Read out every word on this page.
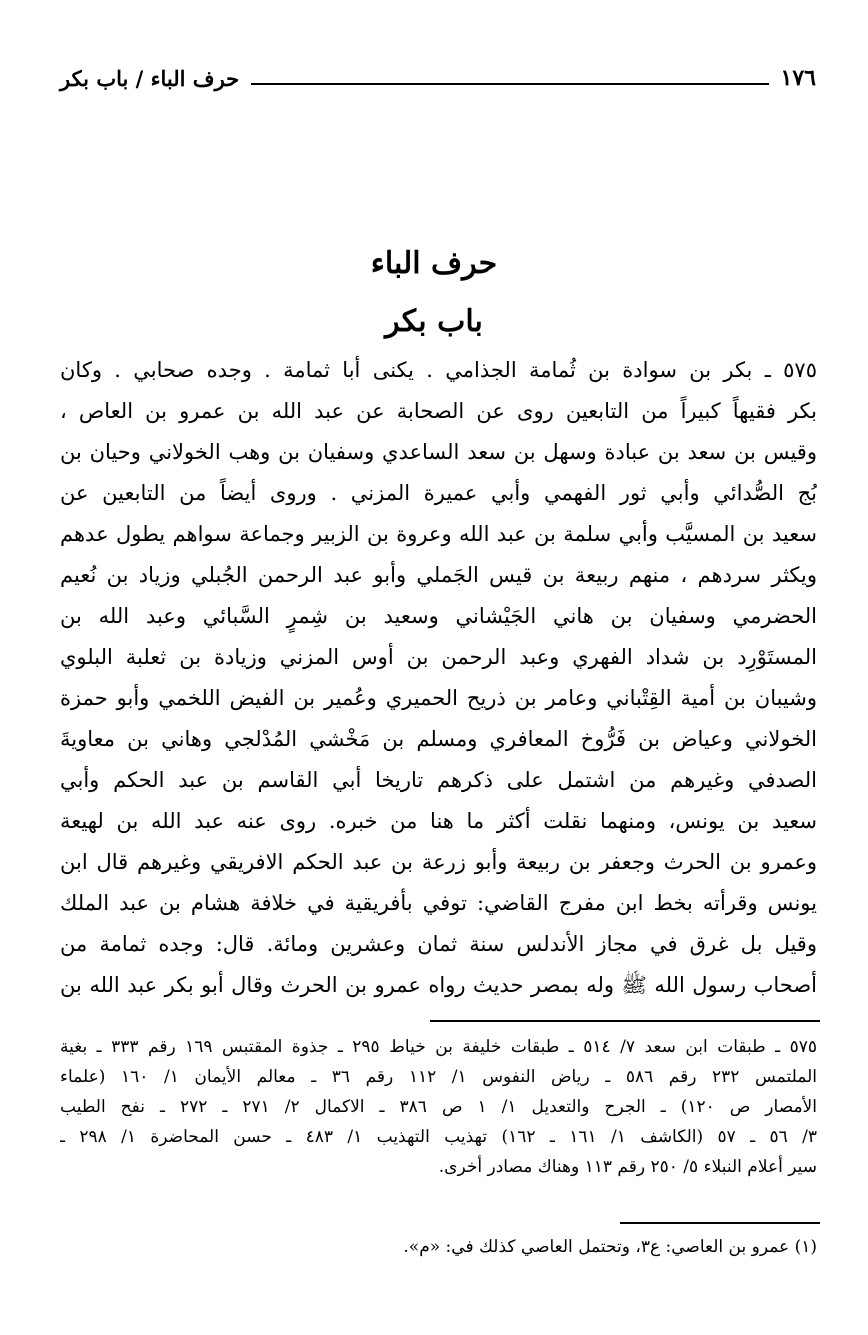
١٧٦
حرف الباء / باب بكر
حرف الباء
باب بكر
٥٧٥ ـ بكر بن سوادة بن ثُمامة الجذامي . يكنى أبا ثمامة . وجده صحابي . وكان
بكر فقيهاً كبيراً من التابعين روى عن الصحابة عن عبد الله بن عمرو بن العاص ،
وقيس بن سعد بن عبادة وسهل بن سعد الساعدي وسفيان بن وهب الخولاني وحيان بن
بُج الصُّدائي وأبي ثور الفهمي وأبي عميرة المزني . وروى أيضاً من التابعين عن
سعيد بن المسيَّب وأبي سلمة بن عبد الله وعروة بن الزبير وجماعة سواهم يطول عدهم
ويكثر سردهم ، منهم ربيعة بن قيس الجَملي وأبو عبد الرحمن الجُبلي وزياد بن نُعيم
الحضرمي وسفيان بن هاني الجَيْشاني وسعيد بن شِمرٍ السَّبائي وعبد الله بن
المستَوْرِد بن شداد الفهري وعبد الرحمن بن أوس المزني وزيادة بن ثعلبة البلوي
وشيبان بن أمية القِتْباني وعامر بن ذريح الحميري وعُمير بن الفيض اللخمي وأبو حمزة
الخولاني وعياض بن فَرُّوخ المعافري ومسلم بن مَخْشي المُدْلجي وهاني بن معاويةَ
الصدفي وغيرهم من اشتمل على ذكرهم تاريخا أبي القاسم بن عبد الحكم وأبي
سعيد بن يونس، ومنهما نقلت أكثر ما هنا من خبره. روى عنه عبد الله بن لهيعة
وعمرو بن الحرث وجعفر بن ربيعة وأبو زرعة بن عبد الحكم الافريقي وغيرهم قال ابن
يونس وقرأته بخط ابن مفرج القاضي: توفي بأفريقية في خلافة هشام بن عبد الملك
وقيل بل غرق في مجاز الأندلس سنة ثمان وعشرين ومائة. قال: وجده ثمامة من
أصحاب رسول الله ﷺ وله بمصر حديث رواه عمرو بن الحرث وقال أبو بكر عبد الله بن
٥٧٥ ـ طبقات ابن سعد ٧/ ٥١٤ ـ طبقات خليفة بن خياط ٢٩٥ ـ جذوة المقتبس ١٦٩ رقم ٣٣٣ ـ بغية
الملتمس ٢٣٢ رقم ٥٨٦ ـ رياض النفوس ١/ ١١٢ رقم ٣٦ ـ معالم الأيمان ١/ ١٦٠ (علماء
الأمصار ص ١٢٠) ـ الجرح والتعديل ١/ ١ ص ٣٨٦ ـ الاكمال ٢/ ٢٧١ ـ ٢٧٢ ـ نفح الطيب
٣/ ٥٦ ـ ٥٧ (الكاشف ١/ ١٦١ ـ ١٦٢) تهذيب التهذيب ١/ ٤٨٣ ـ حسن المحاضرة ١/ ٢٩٨ ـ
سير أعلام النبلاء ٥/ ٢٥٠ رقم ١١٣ وهناك مصادر أخرى.
(١) عمرو بن العاصي: ع٣، وتحتمل العاصي كذلك في: «م».
